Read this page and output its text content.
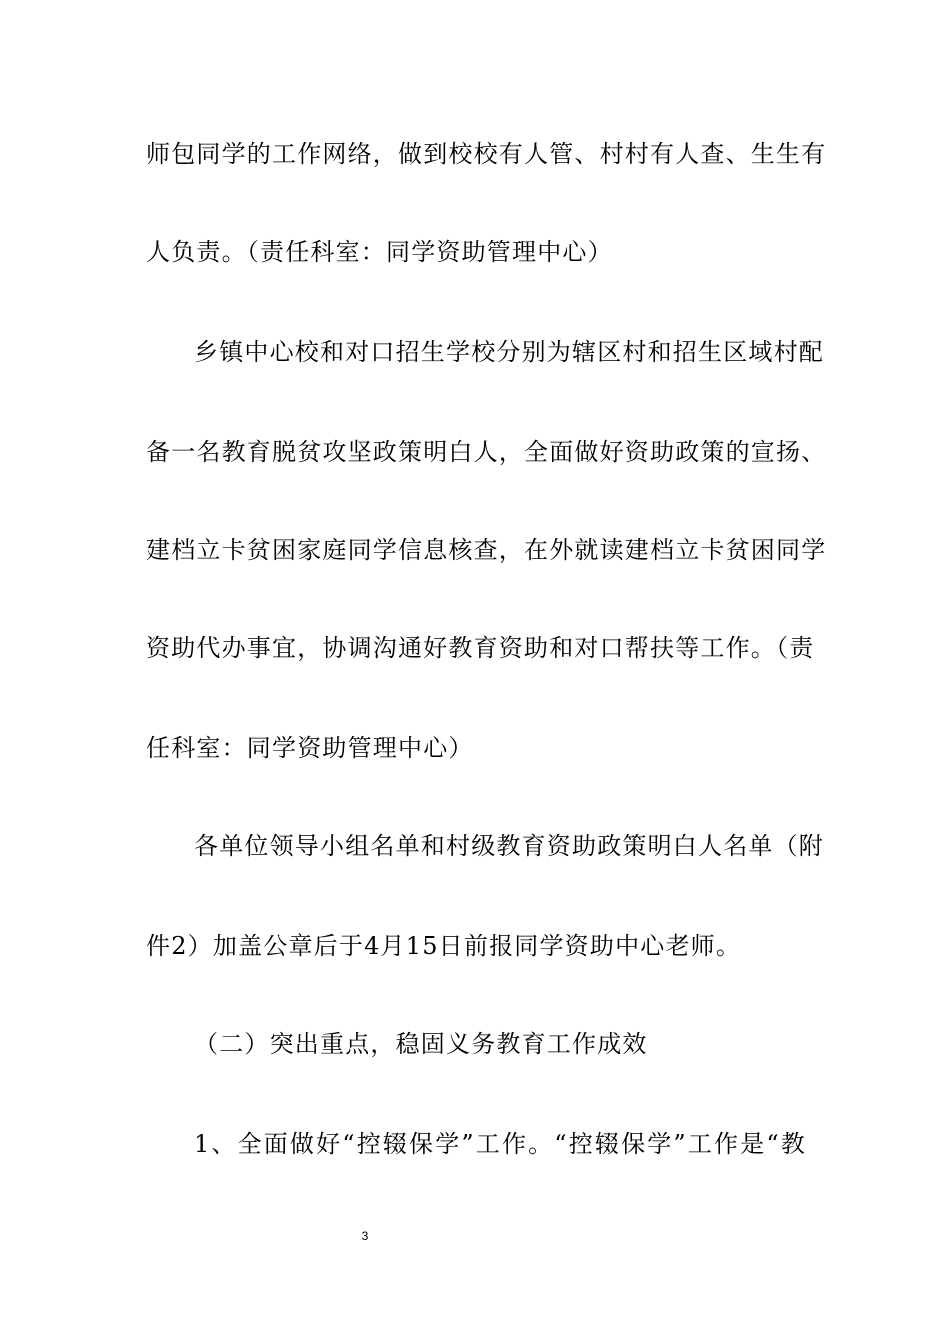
师包同学的工作网络，做到校校有人管、村村有人查、生生有
人负责。（责任科室：同学资助管理中心）
乡镇中心校和对口招生学校分别为辖区村和招生区域村配
备一名教育脱贫攻坚政策明白人，全面做好资助政策的宣扬、
建档立卡贫困家庭同学信息核查，在外就读建档立卡贫困同学
资助代办事宜，协调沟通好教育资助和对口帮扶等工作。（责
任科室：同学资助管理中心）
各单位领导小组名单和村级教育资助政策明白人名单（附
件2）加盖公章后于4月15日前报同学资助中心老师。
（二）突出重点，稳固义务教育工作成效
1、全面做好“控辍保学”工作。“控辍保学”工作是“教
3
